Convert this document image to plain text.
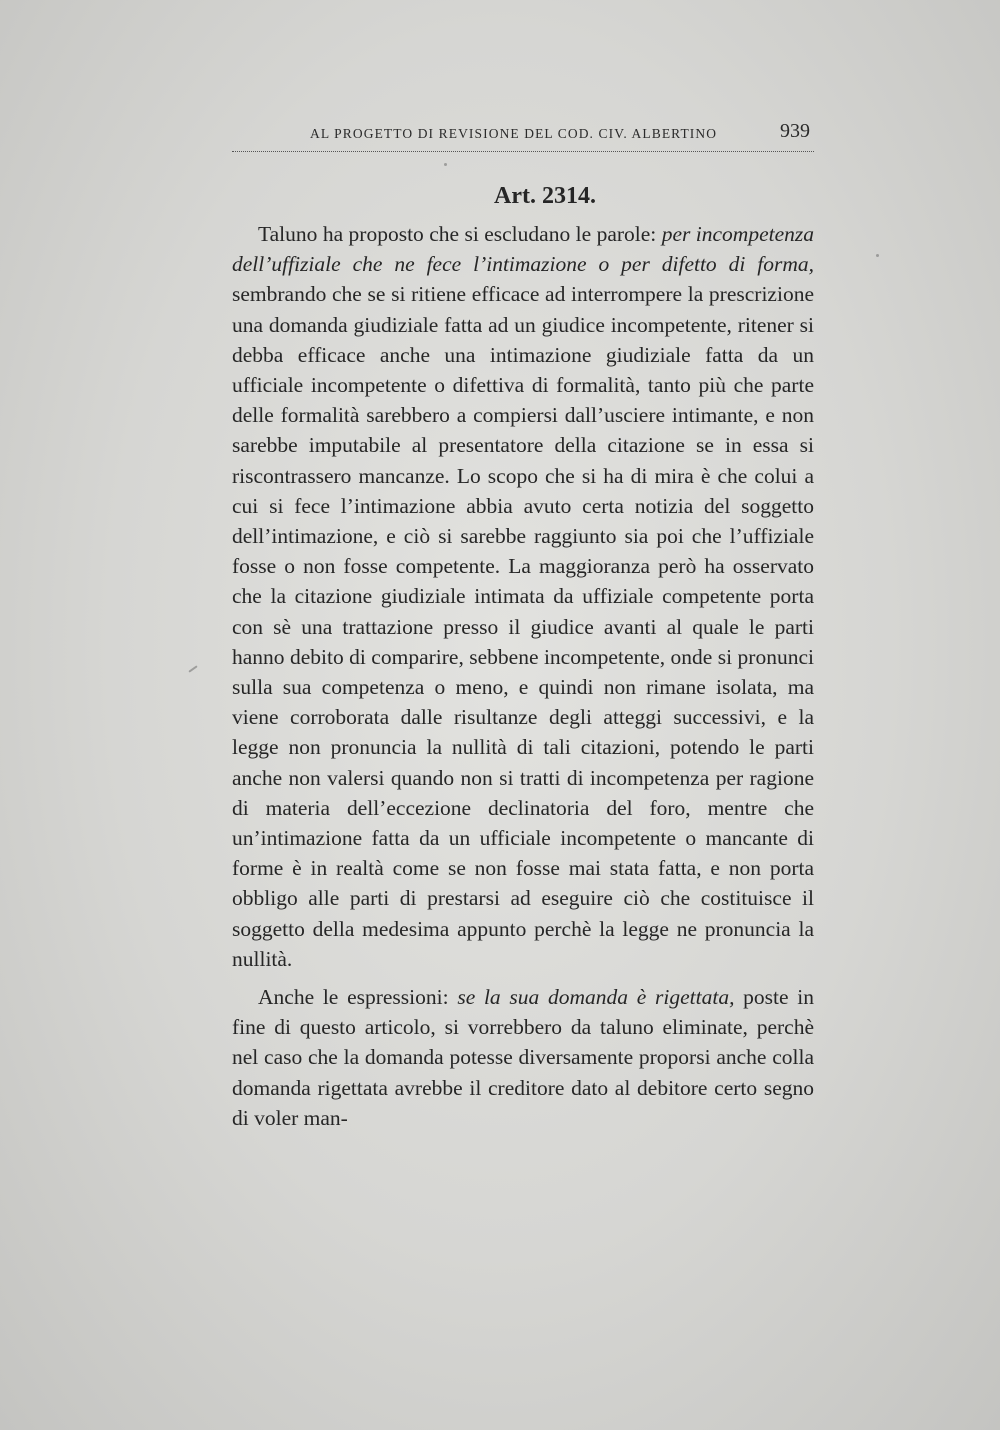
AL PROGETTO DI REVISIONE DEL COD. CIV. ALBERTINO	939
Art. 2314.

Taluno ha proposto che si escludano le parole: per incompetenza dell’uffiziale che ne fece l’intimazione o per difetto di forma, sembrando che se si ritiene efficace ad interrompere la prescrizione una domanda giudiziale fatta ad un giudice incompetente, ritener si debba efficace anche una intimazione giudiziale fatta da un ufficiale incompetente o difettiva di formalità, tanto più che parte delle formalità sarebbero a compiersi dall’usciere intimante, e non sarebbe imputabile al presentatore della citazione se in essa si riscontrassero mancanze. Lo scopo che si ha di mira è che colui a cui si fece l’intimazione abbia avuto certa notizia del soggetto dell’intimazione, e ciò si sarebbe raggiunto sia poi che l’uffiziale fosse o non fosse competente. La maggioranza però ha osservato che la citazione giudiziale intimata da uffiziale competente porta con sè una trattazione presso il giudice avanti al quale le parti hanno debito di comparire, sebbene incompetente, onde si pronunci sulla sua competenza o meno, e quindi non rimane isolata, ma viene corroborata dalle risultanze degli atteggi successivi, e la legge non pronuncia la nullità di tali citazioni, potendo le parti anche non valersi quando non si tratti di incompetenza per ragione di materia dell’eccezione declinatoria del foro, mentre che un’intimazione fatta da un ufficiale incompetente o mancante di forme è in realtà come se non fosse mai stata fatta, e non porta obbligo alle parti di prestarsi ad eseguire ciò che costituisce il soggetto della medesima appunto perchè la legge ne pronuncia la nullità.

Anche le espressioni: se la sua domanda è rigettata, poste in fine di questo articolo, si vorrebbero da taluno eliminate, perchè nel caso che la domanda potesse diversamente proporsi anche colla domanda rigettata avrebbe il creditore dato al debitore certo segno di voler man-
